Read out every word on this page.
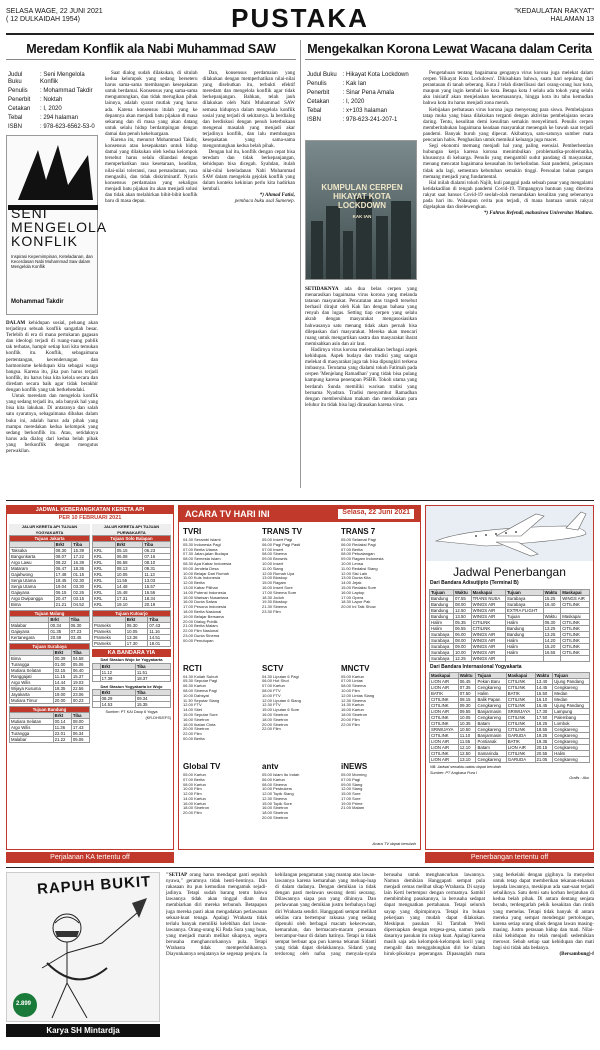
SELASA WAGE, 22 JUNI 2021
( 12 DULKAIDAH 1954)	PUSTAKA	"KEDAULATAN RAKYAT"
HALAMAN 13
Meredam Konflik ala Nabi Muhammad SAW
Judul Buku	: Seni Mengelola Konflik
Penulis	: Mohammad Takdir
Penerbit	: Noktah
Cetakan	: I, 2020
Tebal	: 294 halaman
ISBN	: 978-623-6562-53-0
SENI
MENGELOLA
KONFLIK
Inspirasi Kepemimpinan, Keteladanan, dan Kecerdasan Nabi Muhammad Saw dalam Mengelola Konflik
Mohammad Takdir
DALAM kehidupan sosial, peluang akan terjadinya sebuah konflik sangatlah besar. Terlebih di era di mana pertukaran gagasan dan ideologi terjadi di ruang-ruang publik tak terbatas, hampir setiap hari kita temukan konflik itu. Konflik, sebagaimana pertentangan, kecenderungan dan harmonisme kehidupan kita sebagai warga bangsa. Karena itu, jika pun harus terjadi konflik, itu harus bisa kita kelola secara dan diredam secara baik agar tidak berakhir dengan konflik yang tak berkehendaki.

Untuk meredam dan mengelola konflik yang sedang terjadi itu, ada banyak hal yang bisa kita lakukan. Di antaranya dan salah satu syaratnya, sebagaimana dibahas dalam buku ini, adalah harus ada pihak yang mampu meredakan kedua kelompok yang sedang berkonflik itu. Atau, setidaknya harus ada dialog dari kedua belah pihak yang berkonflik dengan mengutus perwakilan.

Saat dialog sudah dilakukan, di situlah kedua kelompok yang sedang berseteru harus sama-sama membangun kesepakatan untuk berdamai. Konsensus yang sama-sama menguntungkan, dan tidak merugikan pihak lainnya, adalah syarat mutlak yang harus ada. Karena konsensus itulah yang ke depannya akan menjadi batu pijakan di masa sekarang dan di masa yang akan datang untuk selalu hidup berdampingan dengan damai dan penuh kekeluargaan.

Karena itu, menurut Mohammad Takdir, konsensus atau kesepakatan untuk hidup damai yang dilakukan oleh kedua kelompok tersebut harus selalu dilandasi dengan memperhatikan rasa kesetaraan, keadilan, nilai-nilai toleransi, rasa persaudaraan, rasa mengasihi, dan tidak diskriminatif. Nyaris konsensus perdamaian yang sekaligus menjadi batu pijakan itu akan menjadi solusi dan tidak akan melahirkan bibit-bibit konflik baru di masa depan.

Dan, konsensus perdamaian yang dilakukan dengan memperhatikan nilai-nilai yang disebutkan itu, terbukti efektif meredam dan mengelola konflik agar tidak berkepanjangan. Bahkan, telah jauh dilakukan oleh Nabi Muhammad SAW semasa hidupnya dalam mengelola konflik sosial yang terjadi di sekitarnya. Ia berdialog dan berdiskusi dengan penuh keterbukaan mengenai masalah yang menjadi akar terjadinya konflik, dan lalu membangun kesepakatan yang sama-sama menguntungkan kedua belah pihak.

Dengan hal itu, konflik dengan cepat bisa teredam dan tidak berkepanjangan, kehidupan bisa dicegah. Syahdan, itulah nilai-nilai keteladanan Nabi Muhammad SAW dalam mengelola gejolak konflik yang dalam konteks kekinian perlu kita hadirkan kembali.

*) Ahmad Fatisi,

pembaca buku asal Sumenep.

Mengekalkan Korona Lewat Wacana dalam Cerita
Judul Buku	: Hikayat Kota Lockdown
Penulis	: Kak Ian
Penerbit	: Sinar Pena Amala
Cetakan	: I, 2020
Tebal	: x+103 halaman
ISBN	: 978-623-241-207-1
KUMPULAN CERPEN
HIKAYAT KOTA LOCKDOWN
KAK IAN
SETIDAKNYA ada dua belas cerpen yang menarasikan bagaimana virus korona yang melanda tatanan masyarakat. Pencatatan atas tragedi tersebut berhasil dirajut oleh Kak Ian dengan bahasa yang renyah dan lugas. Setting tiap cerpen yang selalu akrab dengan masyarakat mengasosiasikan bahwasanya satu menang tidak akan pernah bisa dilepaskan dari masyarakat. Mereka akan mencari ruang untuk mengartikan sastra dan masyarakat ibarat memisahkan asin dan air laut.

Hadirnya virus korona melemahkan berbagai aspek kehidupan. Aspek budaya dan tradisi yang sangat melekat di masyarakat juga tak bisa dipungkiri terkena imbasnya. Terutama yang dialami tokoh Fatimah pada cerpen 'Menjelang Ramadhan' yang tidak bisa pulang kampung karena penerapan PSBB. Tokoh utama yang berdarah Sunda memiliki warisan tradisi yang bernama Nyadran. Tradisi menyambut Ramadhan dengan membersihkan makam dan mendoakan para leluhur itu tidak bisa lagi dirasakan karena virus.

Pengetahuan tentang bagaimana genganya virus korona juga melekat dalam cerpen 'Hikayat Kota Lockdown'. Dikisahkan bahwa, suatu hari sepulang dari perantauan di tanah seberang. Kota J telah disterilisasi dari orang-orang luar kota, maupun yang ingin kembali ke kota. Betapa kota J selalu ada tokoh yang selalu aku inisiatif akan menjelaskan kecemasannya, hingga kota itu tahu kemudian bahwa kota itu harus menjadi zona merah.

Kebijakan perbatasan virus korona juga menyerang para siswa. Pembelajaran tatap muka yang biasa dilakukan terganti dengan aktivitas pembelajaran secara daring. Tentu, kesulitan demi kesulitan semakin menyelimuti. Penulis cerpen memberitahukan bagaimana keadaan masyarakat menengah ke bawah saat terjadi pandemi. Banyak buruh yang dipecat. Akibatnya, satu-satunya sumber mata pencarian habis. Penghasilan untuk memikul keluarga juga macet.

Segi ekonomi memang menjadi hal yang paling esensial. Pemberhentian hubungan kerja karena korona menimbulkan problematika-problematika, khususnya di keluarga. Penulis yang mengambil sudut pandang di masyarakat, menang mencatat bagaimana kesusahan itu berkelindan. Saat pandemi, pelayanan tidak ada lagi, semestara kebutuhan semakin tinggi. Persoalan bahan pangan memang menjadi yang fundamental.

Hal inilah dialami tokoh Najib, kuli panggul pada sebuah pasar yang mengalami ketidakadilan di tengah pandemi Covid-19. Timpangnya bantuan yang diterima rakyat saat bansos Covid-19 seolah-olah menandakan kesulitan yang sebenarnya pada hari itu. Walaupun cerita pun terjadi, di mana bantuan untuk rakyat digelapkan dan diselewengkan.

*) Fahrus Refendi, mahasiswa Universitas Madura.

JADWAL KEBERANGKATAN KERETA API
PER 10 FEBRUARI 2021
JALUR KERETA API TUJUAN YOGYAKARTA
Tujuan Jakarta		
	Brkt	Tiba
Taksaka	08.30	15.39
Bangunkarta	08.07	17.22
Argo Lawu	08.22	16.39
Mataram	06.47	18.36
Gajahwong	17.48	01.15
Senja Utama	18.45	02.30
Senja Utama	19.04	03.30
Gajayana	06.15	02.26
Argo Dwipangga	20.47	03.15
Bima	21.21	04.52
Tujuan Malang		
	Brkt	Tiba
Malabar	00.34	06.30
Gajayana	01.35	07.23
Kertanegara	20.59	03.45
Tujuan Surabaya		
	Brkt	Tiba
Bima	00.39	04.58
Turangga	01.00	05.06
Mutiara Selatan	02.15	06.40
Ranggajati	11.15	15.37
Argo Wilis	14.44	19.03
Wijaya Kusuma	18.35	22.56
Jayakarta	19.00	23.06
Mutiara Timur	20.00	00.23
Tujuan Bandung		
	Brkt	Tiba
Mutiara Selatan	00.14	08.00
Argo Wilis	11.36	17.43
Turangga	22.01	06.34
Malabar	21.22	05.06
JALUR KERETA API TUJUAN PURWAKARTA
Tujuan Solo Balapan		
	Brkt	Tiba
KRL	05.15	06.23
KRL	06.08	07.16
KRL	06.58	08.10
KRL	08.13	09.31
KRL	10.05	11.13
KRL	11.55	13.03
KRL	14.48	15.57
KRL	15.48	16.56
KRL	17.31	18.34
KRL	19.10	20.19
Tujuan Kutoarjo		
	Brkt	Tiba
Prameks	06.30	07.43
Prameks	10.05	11.16
Prameks	13.36	14.51
Prameks	17.30	18.01
KA BANDARA YIA
Dari Stasiun Wojo ke Yogyakarta
	Brkt	Tiba
	11.12	11.51
	17.39	18.37
Dari Stasiun Yogyakarta ke Wojo
	Brkt	Tiba
	08.29	09.34
	14.53	15.35
Sumber: PT KAI Daop 6 Yogya
(KR-DHS/EFS)
Perjalanan KA tertentu off
ACARA TV HARI INI	Selasa, 22 Juni 2021
TVRI
04.30 Serambi Islami
05.30 Indonesia Pagi
07.00 Berita Utama
07.30 Jalan-jalan Budaya
08.00 Semesta Islam
08.30 Apa Kabar Indonesia
09.00 Jendela Desa
10.00 Belajar Dari Rumah
11.00 Kuis Indonesia
12.00 Berita
13.00 Kabar Pilihan
14.00 Potensi Indonesia
15.00 Warisan Nusantara
16.00 Dunia Satwa
17.00 Pesona Indonesia
18.00 Berita Nasional
19.00 Belajar Bersama
20.00 Dialog Publik
21.00 Berita Malam
22.00 Film Nasional
23.00 Dunia Sinema
00.00 Penutupan
TRANS TV
05.00 Insert Pagi
06.00 Pagi Pagi Pasti
07.00 Insert
08.00 Sinema
09.00 Brownis
10.00 Insert
11.00 Siang
12.00 Rumah Uya
13.00 Bioskop
15.00 Ragam
16.00 Insert Sore
17.00 Sinema Sore
18.30 Jodoh
19.30 Bioskop
21.30 Sinema
23.30 Film
TRANS 7
05.00 Selamat Pagi
06.00 Redaksi Pagi
07.00 Berita
08.00 Petualangan
09.00 Ragam Indonesia
10.00 Lensa
11.00 Redaksi Siang
12.00 Sisi Lain
13.00 Dunia Kita
14.00 Jejak
15.00 Redaksi Sore
16.00 Laptop
17.00 Opera
18.30 Lapor Pak
20.00 Ini Talk Show
RCTI
04.30 Kuliah Subuh
05.30 Seputar Pagi
06.30 Kartun
08.00 Sinema Pagi
10.00 Dahsyat
11.30 Seputar Siang
12.00 FTV
14.00 Silet
15.00 Seputar Sore
16.00 Sinetron
18.00 Ikatan Cinta
20.00 Sinetron
22.00 Film
00.00 Berita
SCTV
04.30 Liputan 6 Pagi
06.00 Hot Shot
07.00 Kartun
08.00 FTV
10.00 FTV
12.00 Liputan 6 Siang
12.30 FTV
15.00 Liputan 6 Sore
16.00 Sinetron
18.00 Sinetron
20.00 Sinetron
22.00 Film
MNCTV
05.00 Kartun
07.00 Lintas
08.00 Sinema
10.00 Film
12.00 Lintas Siang
12.30 Sinema
14.30 Kartun
16.00 Kartun
18.00 Sinetron
20.00 Film
22.00 Film
Global TV
05.00 Kartun
07.00 Berita
08.00 Kartun
10.00 Film
12.00 Film
14.00 Kartun
16.00 Kartun
18.00 Sinetron
20.00 Film
antv
05.00 Islam Itu Indah
06.00 Kartun
08.00 Sinema
10.00 Pesbukers
12.00 Topik Siang
12.30 Sinema
15.00 Topik Sore
16.00 Sinetron
18.00 Sinetron
20.00 Sinetron
iNEWS
05.00 Morning
07.00 Pagi
09.00 Siang
12.00 Siang
15.00 Sore
17.00 Sore
19.00 Prime
21.00 Malam
Acara TV dapat berubah
Jadwal Penerbangan
Dari Bandara Adisutjipto (Terminal B)
Tujuan	Waktu	Maskapai	Tujuan	Waktu	Maskapai
Bandung	07.55	TRANS NUSA	Surabaya	15.25	WINGS AIR
Bandung	08.00	WINGS AIR	Surabaya	16.40	CITILINK
Bandung	12.50	WINGS AIR	EXTRA FLIGHT		
Bandung	13.50	WINGS AIR	Tujuan	Waktu	Maskapai
Halim	05.35	CITILINK	Halim	06.30	CITILINK
Halim	06.55	CITILINK	Bandung	13.25	CITILINK
Surabaya	06.00	WINGS AIR	Bandung	13.25	CITILINK
Surabaya	08.00	WINGS AIR	Halim	14.20	CITILINK
Surabaya	09.00	WINGS AIR	Halim	15.20	CITILINK
Surabaya	10.00	WINGS AIR	Halim	16.55	CITILINK
Surabaya	12.25	WINGS AIR			
Dari Bandara Internasional Yogyakarta
Maskapai	Waktu	Tujuan	Maskapai	Waktu	Tujuan
LION AIR	06.45	Pekan Baru	CITILINK	13.40	Ujung Pandang
LION AIR	07.35	Cengkareng	CITILINK	14.45	Cengkareng
BATIK	07.50	Halim	BATIK	15.50	Medan
CITILINK	08.15	Balik Papan	CITILINK	16.10	Medan
CITILINK	09.30	Cengkareng	CITILINK	16.45	Ujung Pandang
LION AIR	09.55	Banjarmasin	SRIWIJAYA	17.30	Lampung
CITILINK	10.05	Cengkareng	CITILINK	17.50	Palembang
CITILINK	10.35	Batam	CITILINK	18.25	Lombok
SRIWIJAYA	10.50	Cengkareng	CITILINK	18.55	Cengkareng
CITILINK	11.10	Banjarmasin	GARUDA	19.25	Cengkareng
LION AIR	11.55	Pontianak	BATIK	19.35	Cengkareng
LION AIR	12.10	Batam	LION AIR	20.15	Cengkareng
CITILINK	12.50	Samarinda	CITILINK	20.55	Halim
LION AIR	13.10	Cengkareng	GARUDA	21.05	Cengkareng
NB: Jadwal sewaktu-waktu dapat berubah
Sumber: PT Angkasa Pura I
Grafis : Ako
Penerbangan tertentu off
RAPUH BUKIT
2.899
Karya SH Mintardja
"SETIAP orang harus mendapat ganti sepuluh nyawa," geramnya tidak henti-hentinya. Dan rakasaan itu pun kemudian mengamuk sejadi-jadinya. Tetapi sudah barang tentu bahwa lawannya tidak akan tinggal diam dan membiarkan diri mereka terbunuh. Betapapun juga mereka pasti akan mengadakan perlawanan sekuat-kuat tenaga. Apalagi Wrahasta tidak terlalu banyak memiliki kelebihan dari lawan-lawannya. Orang-orang Ki Pada Sura yang buas, yang menjadi marah melihat sikapnya, segera berusaha menghancurkannya pula. Tetapi Wrahasta tidak memperdulikannya. Diayunkannya senjatanya ke segenap penjuru. Ia kehilangan pengamatan yang mantap atas lawan-lawannya karena kemarahan yang meluap-luap di dalam dadanya. Dengan demikian ia tidak dengan pasti melawan seorang demi seorang. Dilawannya siapa pun yang dihinnya. Dan perlawanan yang demikian justru berbahaya bagi diri Wrahasta sendiri. Hanggapati sempat melihat sekilas cara bertempur raksasa yang sedang dipenuhi oleh berbagai macam kekecewaan, kemarahan, dan bermacam-macam perasaan bercampur-baur di dalam hatinya. Tetapi ia tidak sempat berbuat apa pun karena tekanan Sidanti yang tidak dapat dielakkannya. Sidanti yang terdorong oleh nafsu yang menyala-nyala berusaha untuk menghancurkan lawannya. Namun demikian Hanggapati sempat pula menjadi cemas melihat sikap Wrahasta. Di sayap lain Kerti bertempur dengan cermatnya. Sambil membimbing pasukannya, ia berusaha sedapat dapat menguatkan pertahanan. Tetapi seluruh sayap yang dipimpinnya. Tetapi itu bukan pekerjaan yang mudah dapat dilakukan. Meskipun pasukan Ki Tambak Wedi dipersiapkan dengan tergesa-gesa, namun pada dasarnya pasukan itu cukup kuat. Apalagi karena masih saja ada kelompok-kelompok kecil yang mengalir dan menggabungkan diri ke dalam hiruk-pikuknya peperangan. Dipasanglah mata yang berkelahi dengan gigihnya. Ia menyebut untuk tetap dapat memberikan tekanan-tekanan kepada lawannya, meskipun ada saat-saat terjadi sebaliknya. Satu demi satu korban berjatuhan di kedua belah pihak. Di antara dentang senjata beradu, terdengarlah pekik kesakitan dan rintih yang memelas. Tetapi tidak banyak di antara mereka yang sempat mendengar pertolongan, karena setiap orang sibuk dengan lawan masing-masing. Justru perasaan hidup dan mati. Nilai-nilai kehidupan itu telah menjadi sedemikian merosot. Sebab setiap saat kehidupan dan mati bagi sisi tidak ada bedanya.
(Bersambung)-f
